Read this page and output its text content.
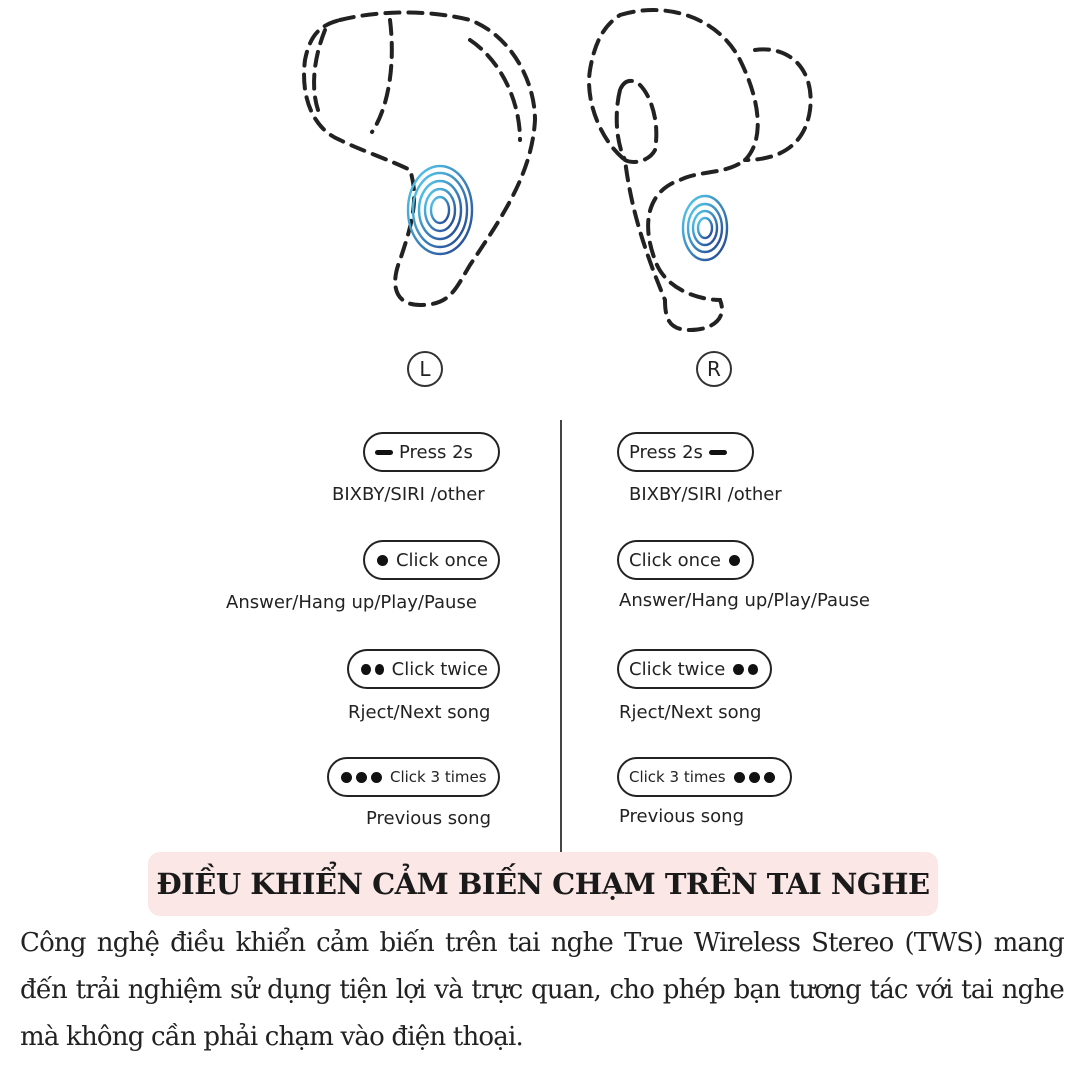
L	R
Press 2s
BIXBY/SIRI /other
Click once
Answer/Hang up/Play/Pause
Click twice
Rject/Next song
Click 3 times
Previous song
Press 2s
BIXBY/SIRI /other
Click once
Answer/Hang up/Play/Pause
Click twice
Rject/Next song
Click 3 times
Previous song
ĐIỀU KHIỂN CẢM BIẾN CHẠM TRÊN TAI NGHE
Công nghệ điều khiển cảm biến trên tai nghe True Wireless Stereo (TWS) mang đến trải nghiệm sử dụng tiện lợi và trực quan, cho phép bạn tương tác với tai nghe mà không cần phải chạm vào điện thoại.
